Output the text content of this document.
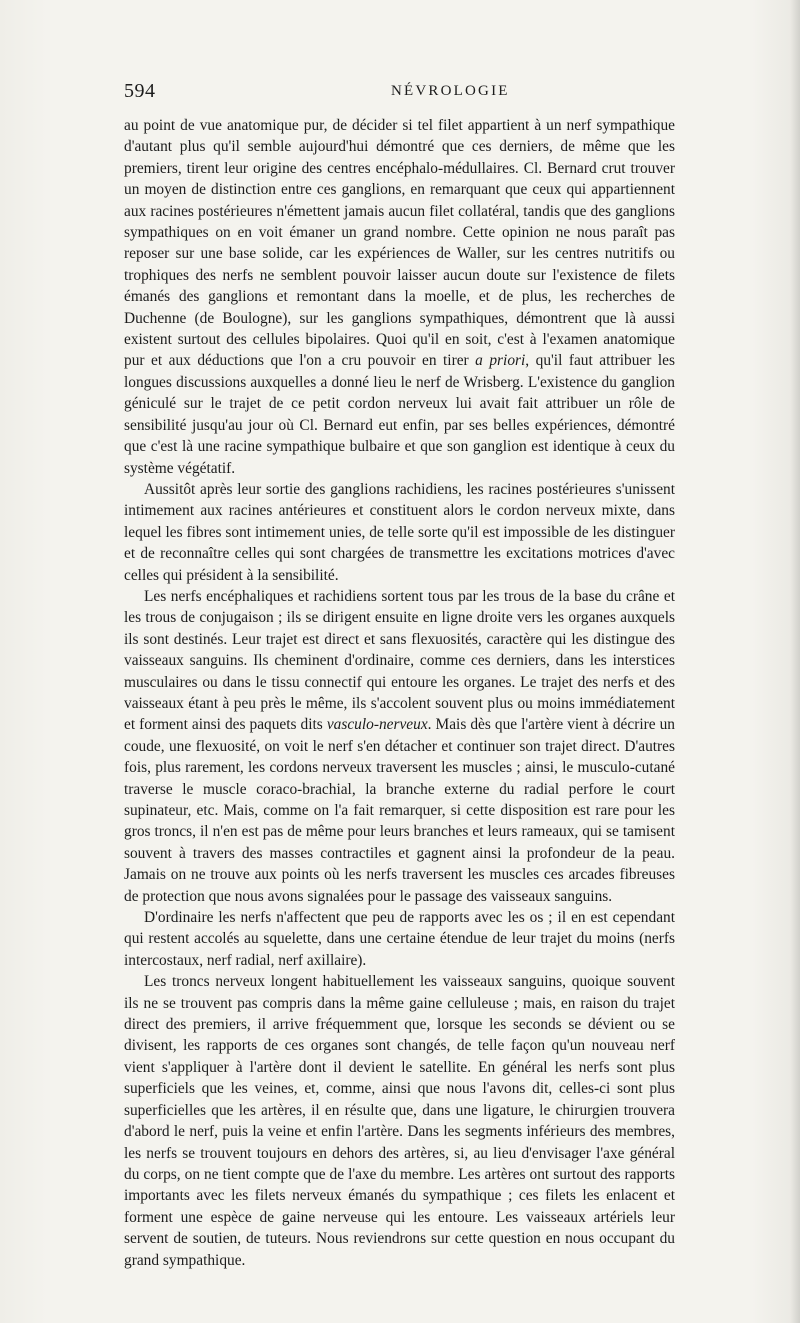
594	NÉVROLOGIE

au point de vue anatomique pur, de décider si tel filet appartient à un nerf sympathique d'autant plus qu'il semble aujourd'hui démontré que ces derniers, de même que les premiers, tirent leur origine des centres encéphalo-médullaires. Cl. Bernard crut trouver un moyen de distinction entre ces ganglions, en remarquant que ceux qui appartiennent aux racines postérieures n'émettent jamais aucun filet collatéral, tandis que des ganglions sympathiques on en voit émaner un grand nombre. Cette opinion ne nous paraît pas reposer sur une base solide, car les expériences de Waller, sur les centres nutritifs ou trophiques des nerfs ne semblent pouvoir laisser aucun doute sur l'existence de filets émanés des ganglions et remontant dans la moelle, et de plus, les recherches de Duchenne (de Boulogne), sur les ganglions sympathiques, démontrent que là aussi existent surtout des cellules bipolaires. Quoi qu'il en soit, c'est à l'examen anatomique pur et aux déductions que l'on a cru pouvoir en tirer a priori, qu'il faut attribuer les longues discussions auxquelles a donné lieu le nerf de Wrisberg. L'existence du ganglion géniculé sur le trajet de ce petit cordon nerveux lui avait fait attribuer un rôle de sensibilité jusqu'au jour où Cl. Bernard eut enfin, par ses belles expériences, démontré que c'est là une racine sympathique bulbaire et que son ganglion est identique à ceux du système végétatif.

Aussitôt après leur sortie des ganglions rachidiens, les racines postérieures s'unissent intimement aux racines antérieures et constituent alors le cordon nerveux mixte, dans lequel les fibres sont intimement unies, de telle sorte qu'il est impossible de les distinguer et de reconnaître celles qui sont chargées de transmettre les excitations motrices d'avec celles qui président à la sensibilité.

Les nerfs encéphaliques et rachidiens sortent tous par les trous de la base du crâne et les trous de conjugaison ; ils se dirigent ensuite en ligne droite vers les organes auxquels ils sont destinés. Leur trajet est direct et sans flexuosités, caractère qui les distingue des vaisseaux sanguins. Ils cheminent d'ordinaire, comme ces derniers, dans les interstices musculaires ou dans le tissu connectif qui entoure les organes. Le trajet des nerfs et des vaisseaux étant à peu près le même, ils s'accolent souvent plus ou moins immédiatement et forment ainsi des paquets dits vasculo-nerveux. Mais dès que l'artère vient à décrire un coude, une flexuosité, on voit le nerf s'en détacher et continuer son trajet direct. D'autres fois, plus rarement, les cordons nerveux traversent les muscles ; ainsi, le musculo-cutané traverse le muscle coraco-brachial, la branche externe du radial perfore le court supinateur, etc. Mais, comme on l'a fait remarquer, si cette disposition est rare pour les gros troncs, il n'en est pas de même pour leurs branches et leurs rameaux, qui se tamisent souvent à travers des masses contractiles et gagnent ainsi la profondeur de la peau. Jamais on ne trouve aux points où les nerfs traversent les muscles ces arcades fibreuses de protection que nous avons signalées pour le passage des vaisseaux sanguins.

D'ordinaire les nerfs n'affectent que peu de rapports avec les os ; il en est cependant qui restent accolés au squelette, dans une certaine étendue de leur trajet du moins (nerfs intercostaux, nerf radial, nerf axillaire).

Les troncs nerveux longent habituellement les vaisseaux sanguins, quoique souvent ils ne se trouvent pas compris dans la même gaine celluleuse ; mais, en raison du trajet direct des premiers, il arrive fréquemment que, lorsque les seconds se dévient ou se divisent, les rapports de ces organes sont changés, de telle façon qu'un nouveau nerf vient s'appliquer à l'artère dont il devient le satellite. En général les nerfs sont plus superficiels que les veines, et, comme, ainsi que nous l'avons dit, celles-ci sont plus superficielles que les artères, il en résulte que, dans une ligature, le chirurgien trouvera d'abord le nerf, puis la veine et enfin l'artère. Dans les segments inférieurs des membres, les nerfs se trouvent toujours en dehors des artères, si, au lieu d'envisager l'axe général du corps, on ne tient compte que de l'axe du membre. Les artères ont surtout des rapports importants avec les filets nerveux émanés du sympathique ; ces filets les enlacent et forment une espèce de gaine nerveuse qui les entoure. Les vaisseaux artériels leur servent de soutien, de tuteurs. Nous reviendrons sur cette question en nous occupant du grand sympathique.
